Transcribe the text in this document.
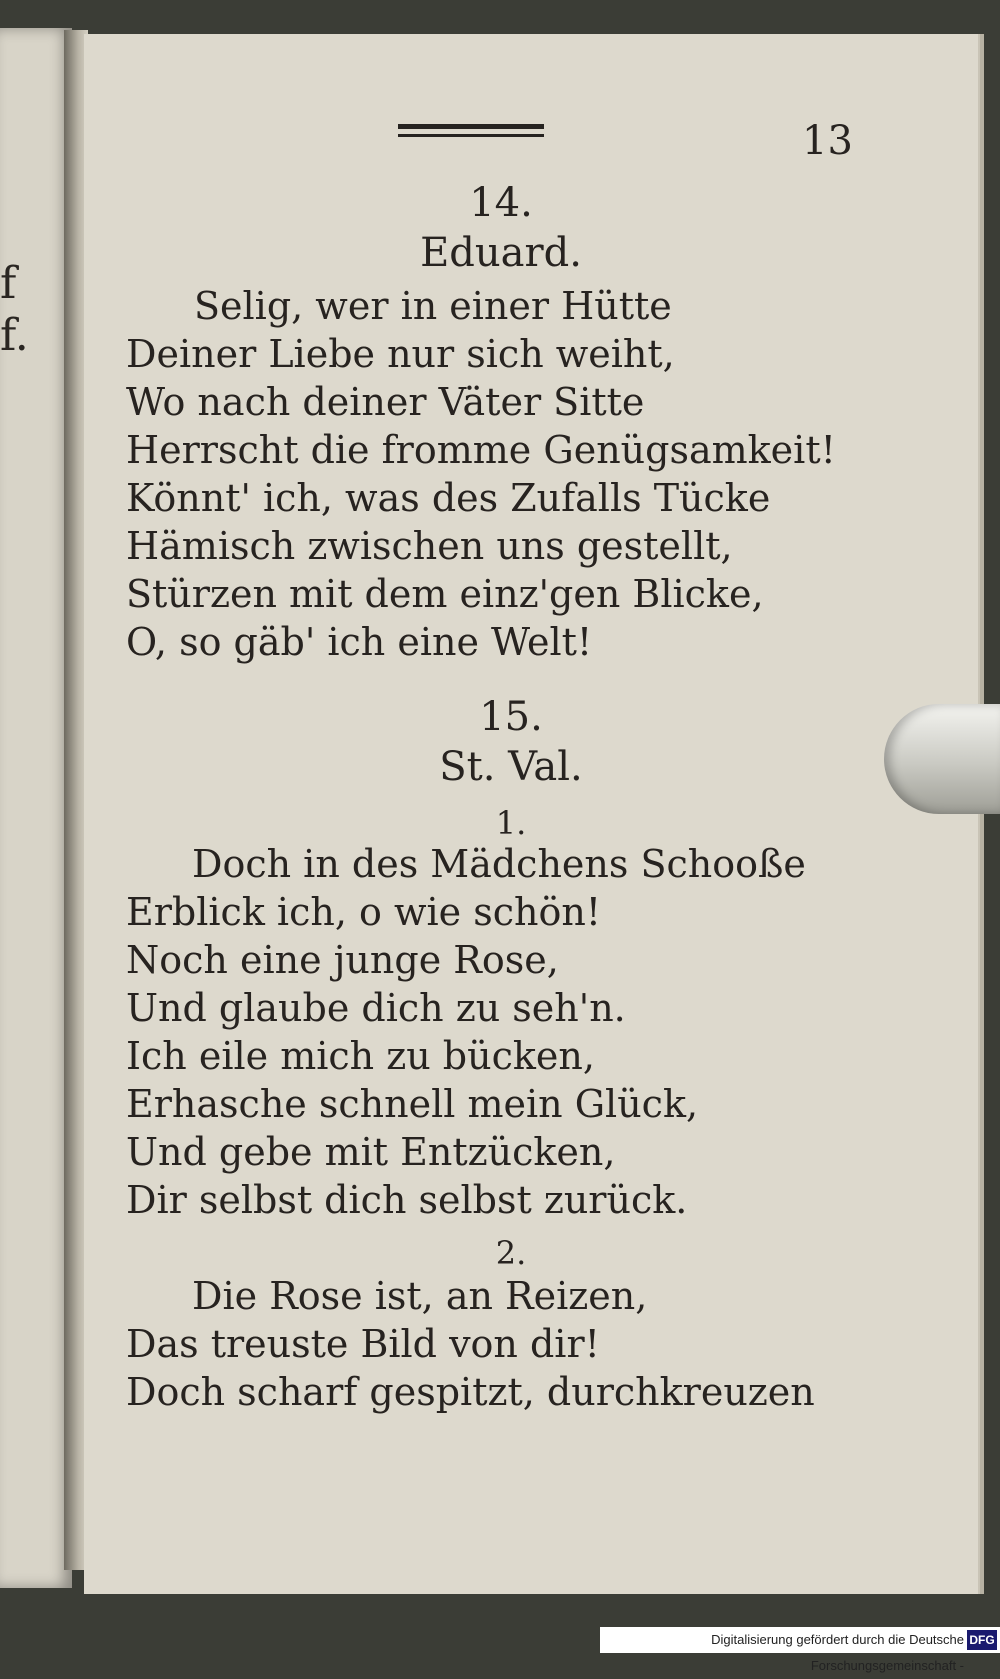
f
f.
13
14.
Eduard.
Selig, wer in einer Hütte
Deiner Liebe nur sich weiht,
Wo nach deiner Väter Sitte
Herrscht die fromme Genügsamkeit!
Könnt' ich, was des Zufalls Tücke
Hämisch zwischen uns gestellt,
Stürzen mit dem einz'gen Blicke,
O, so gäb' ich eine Welt!
15.
St. Val.
1.
Doch in des Mädchens Schooße
Erblick ich, o wie schön!
Noch eine junge Rose,
Und glaube dich zu seh'n.
Ich eile mich zu bücken,
Erhasche schnell mein Glück,
Und gebe mit Entzücken,
Dir selbst dich selbst zurück.
2.
Die Rose ist, an Reizen,
Das treuste Bild von dir!
Doch scharf gespitzt, durchkreuzen
Digitalisierung gefördert durch die Deutsche Forschungsgemeinschaft -
DFG
